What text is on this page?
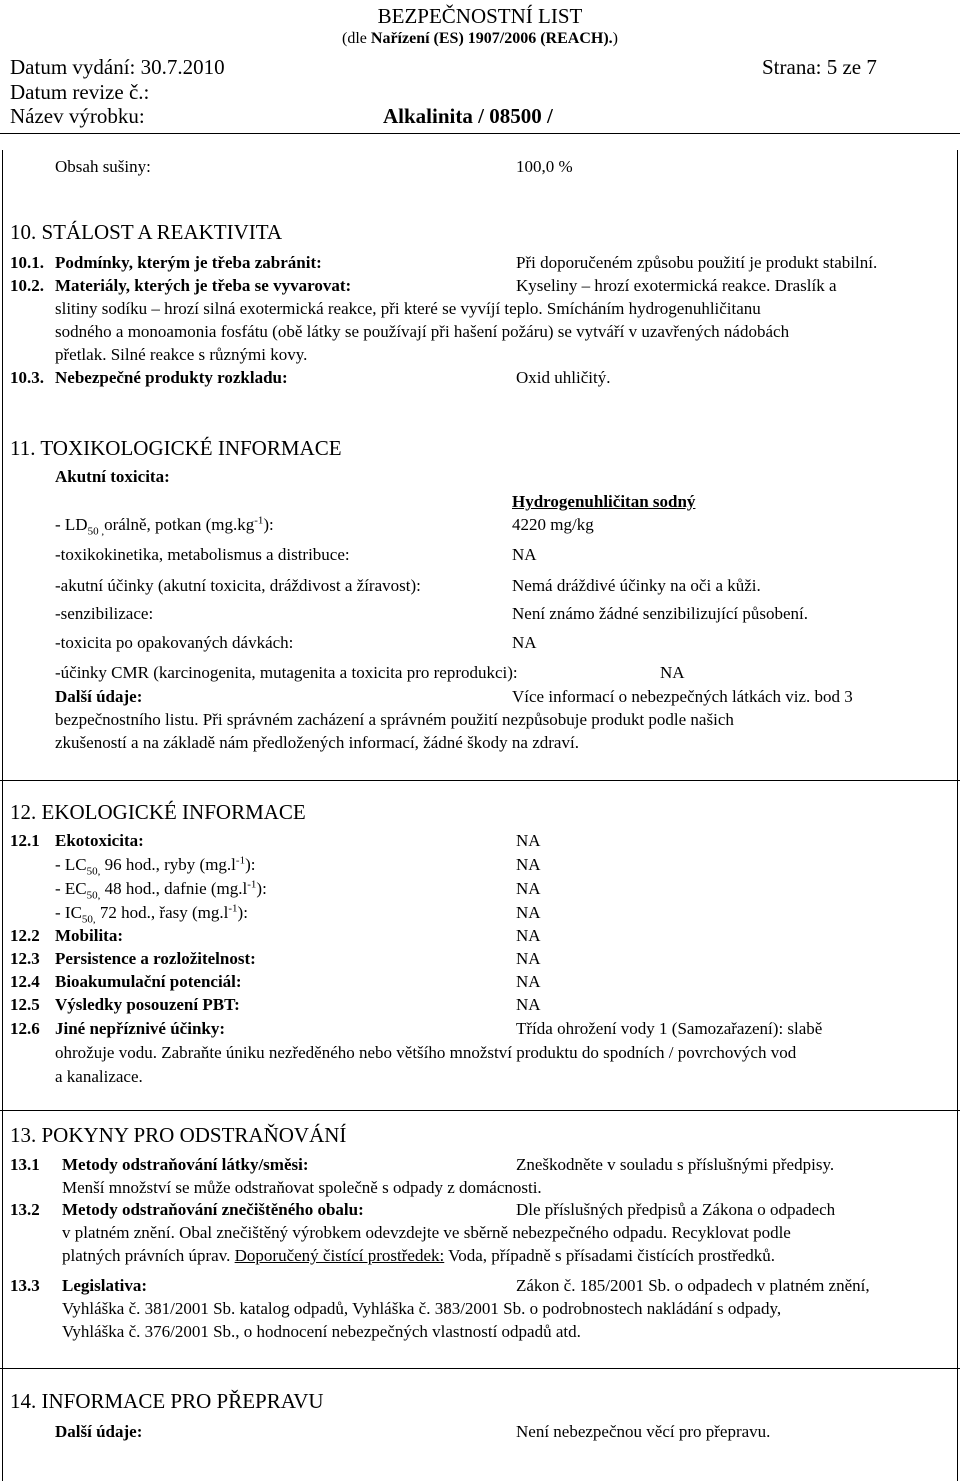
BEZPEČNOSTNÍ LIST
(dle Nařízení (ES) 1907/2006 (REACH).)
Datum vydání: 30.7.2010	Strana: 5 ze 7
Datum revize č.:
Název výrobku:	Alkalinita / 08500 /
Obsah sušiny:	100,0 %
10. STÁLOST A REAKTIVITA
10.1. Podmínky, kterým je třeba zabránit:	Při doporučeném způsobu použití je produkt stabilní.
10.2. Materiály, kterých je třeba se vyvarovat:	Kyseliny – hrozí exotermická reakce. Draslík a
slitiny sodíku – hrozí silná exotermická reakce, při které se vyvíjí teplo. Smícháním hydrogenuhličitanu
sodného a monoamonia fosfátu (obě látky se používají při hašení požáru) se vytváří v uzavřených nádobách
přetlak. Silné reakce s různými kovy.
10.3. Nebezpečné produkty rozkladu:	Oxid uhličitý.
11. TOXIKOLOGICKÉ INFORMACE
Akutní toxicita:
Hydrogenuhličitan sodný
- $LD_{50 ,}orá\ln ě$, potkan $(mg.kg^{-1})$:	4220 mg/kg
-toxikokinetika, metabolismus a distribuce:	NA
-akutní účinky (akutní toxicita, dráždivost a žíravost):	Nemá dráždivé účinky na oči a kůži.
-senzibilizace:	Není známo žádné senzibilizující působení.
-toxicita po opakovaných dávkách:	NA
-účinky CMR (karcinogenita, mutagenita a toxicita pro reprodukci):	NA
Další údaje:	Více informací o nebezpečných látkách viz. bod 3
bezpečnostního listu. Při správném zacházení a správném použití nezpůsobuje produkt podle našich
zkušeností a na základě nám předložených informací, žádné škody na zdraví.
12. EKOLOGICKÉ INFORMACE
12.1 Ekotoxicita:	NA
- $LC_{50,}$ 96 hod., ryby $(mg.l^{-1})$:	NA
- $EC_{50,}$ 48 hod., dafnie $(mg.l^{-1})$:	NA
- $IC_{50,}$ 72 hod., řasy $(mg.l^{-1})$:	NA
12.2 Mobilita:	NA
12.3 Persistence a rozložitelnost:	NA
12.4 Bioakumulační potenciál:	NA
12.5 Výsledky posouzení PBT:	NA
12.6 Jiné nepříznivé účinky:	Třída ohrožení vody 1 (Samozařazení): slabě
ohrožuje vodu. Zabraňte úniku nezředěného nebo většího množství produktu do spodních / povrchových vod
a kanalizace.
13. POKYNY PRO ODSTRAŇOVÁNÍ
13.1 Metody odstraňování látky/směsi:	Zneškodněte v souladu s příslušnými předpisy.
Menší množství se může odstraňovat společně s odpady z domácnosti.
13.2 Metody odstraňování znečištěného obalu:	Dle příslušných předpisů a Zákona o odpadech
v platném znění. Obal znečištěný výrobkem odevzdejte ve sběrně nebezpečného odpadu. Recyklovat podle
platných právních úprav. Doporučený čistící prostředek: Voda, případně s přísadami čistících prostředků.
13.3 Legislativa:	Zákon č. 185/2001 Sb. o odpadech v platném znění,
Vyhláška č. 381/2001 Sb. katalog odpadů, Vyhláška č. 383/2001 Sb. o podrobnostech nakládání s odpady,
Vyhláška č. 376/2001 Sb., o hodnocení nebezpečných vlastností odpadů atd.
14. INFORMACE PRO PŘEPRAVU
Další údaje:	Není nebezpečnou věcí pro přepravu.
